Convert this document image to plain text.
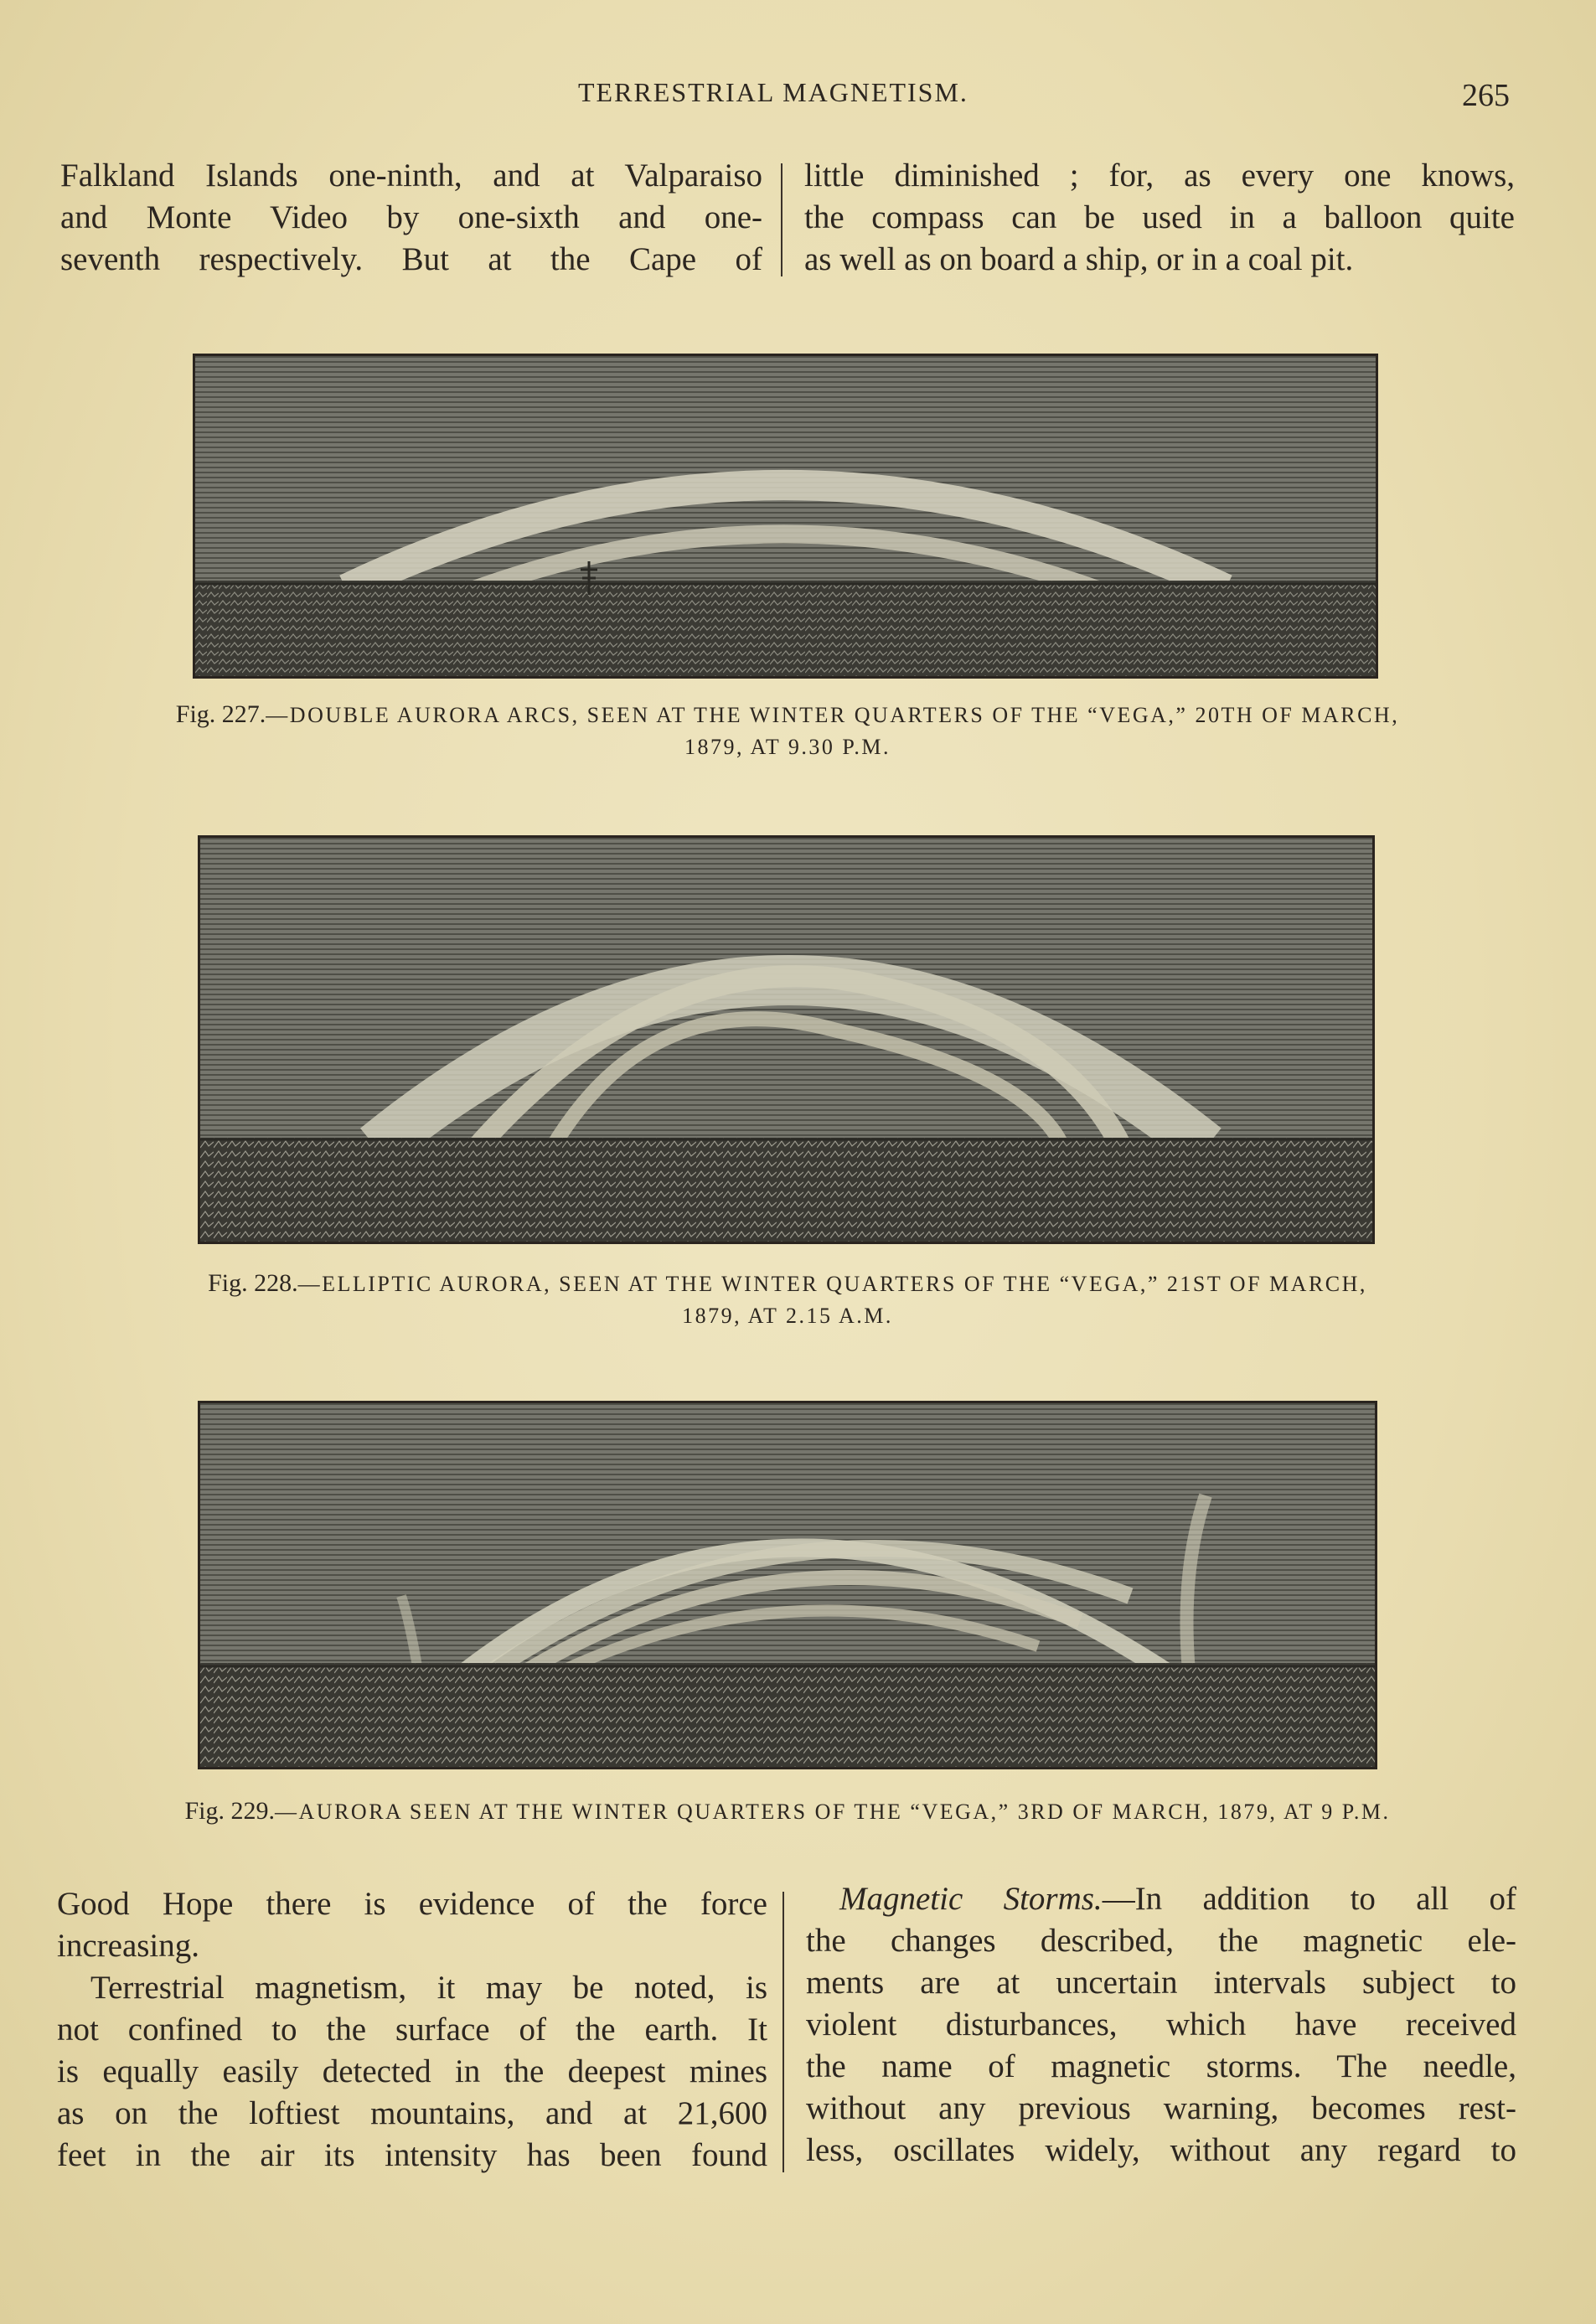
TERRESTRIAL MAGNETISM.	265
Falkland Islands one-ninth, and at Valparaiso
and Monte Video by one-sixth and one-
seventh respectively. But at the Cape of
little diminished ; for, as every one knows,
the compass can be used in a balloon quite
as well as on board a ship, or in a coal pit.
Fig. 227.—DOUBLE AURORA ARCS, SEEN AT THE WINTER QUARTERS OF THE “VEGA,” 20TH OF MARCH,
1879, AT 9.30 P.M.
Fig. 228.—ELLIPTIC AURORA, SEEN AT THE WINTER QUARTERS OF THE “VEGA,” 21ST OF MARCH,
1879, AT 2.15 A.M.
Fig. 229.—AURORA SEEN AT THE WINTER QUARTERS OF THE “VEGA,” 3RD OF MARCH, 1879, AT 9 P.M.
Good Hope there is evidence of the force
increasing.
Terrestrial magnetism, it may be noted, is
not confined to the surface of the earth. It
is equally easily detected in the deepest mines
as on the loftiest mountains, and at 21,600
feet in the air its intensity has been found
Magnetic Storms.—In addition to all of
the changes described, the magnetic ele-
ments are at uncertain intervals subject to
violent disturbances, which have received
the name of magnetic storms. The needle,
without any previous warning, becomes rest-
less, oscillates widely, without any regard to
